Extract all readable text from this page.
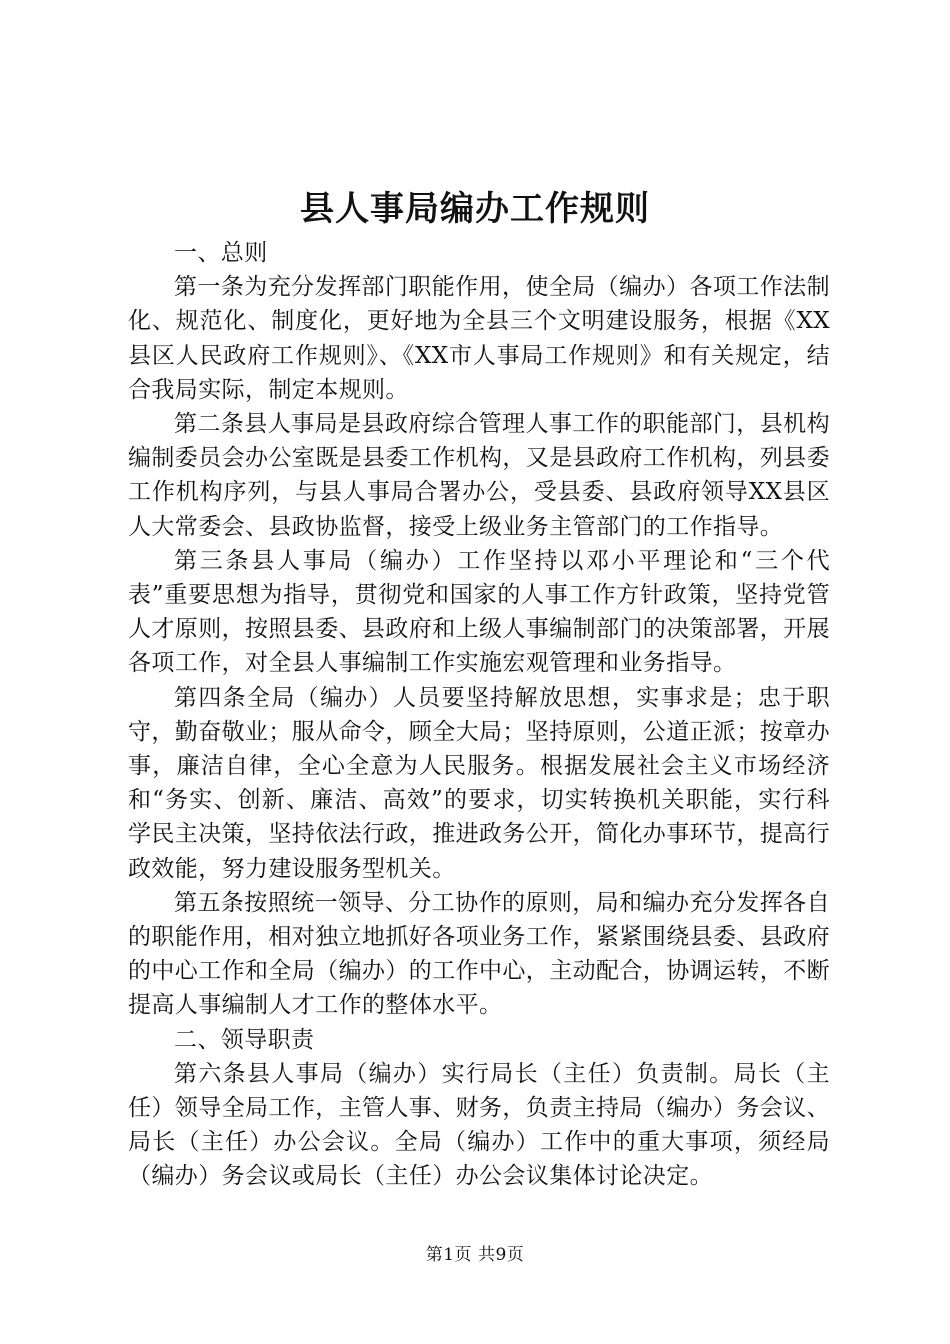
县人事局编办工作规则

一、总则

第一条为充分发挥部门职能作用，使全局（编办）各项工作法制化、规范化、制度化，更好地为全县三个文明建设服务，根据《XX县区人民政府工作规则》、《XX市人事局工作规则》和有关规定，结合我局实际，制定本规则。

第二条县人事局是县政府综合管理人事工作的职能部门，县机构编制委员会办公室既是县委工作机构，又是县政府工作机构，列县委工作机构序列，与县人事局合署办公，受县委、县政府领导XX县区人大常委会、县政协监督，接受上级业务主管部门的工作指导。

第三条县人事局（编办）工作坚持以邓小平理论和“三个代表”重要思想为指导，贯彻党和国家的人事工作方针政策，坚持党管人才原则，按照县委、县政府和上级人事编制部门的决策部署，开展各项工作，对全县人事编制工作实施宏观管理和业务指导。

第四条全局（编办）人员要坚持解放思想，实事求是；忠于职守，勤奋敬业；服从命令，顾全大局；坚持原则，公道正派；按章办事，廉洁自律，全心全意为人民服务。根据发展社会主义市场经济和“务实、创新、廉洁、高效”的要求，切实转换机关职能，实行科学民主决策，坚持依法行政，推进政务公开，简化办事环节，提高行政效能，努力建设服务型机关。

第五条按照统一领导、分工协作的原则，局和编办充分发挥各自的职能作用，相对独立地抓好各项业务工作，紧紧围绕县委、县政府的中心工作和全局（编办）的工作中心，主动配合，协调运转，不断提高人事编制人才工作的整体水平。

二、领导职责

第六条县人事局（编办）实行局长（主任）负责制。局长（主任）领导全局工作，主管人事、财务，负责主持局（编办）务会议、局长（主任）办公会议。全局（编办）工作中的重大事项，须经局（编办）务会议或局长（主任）办公会议集体讨论决定。

第1页 共9页
